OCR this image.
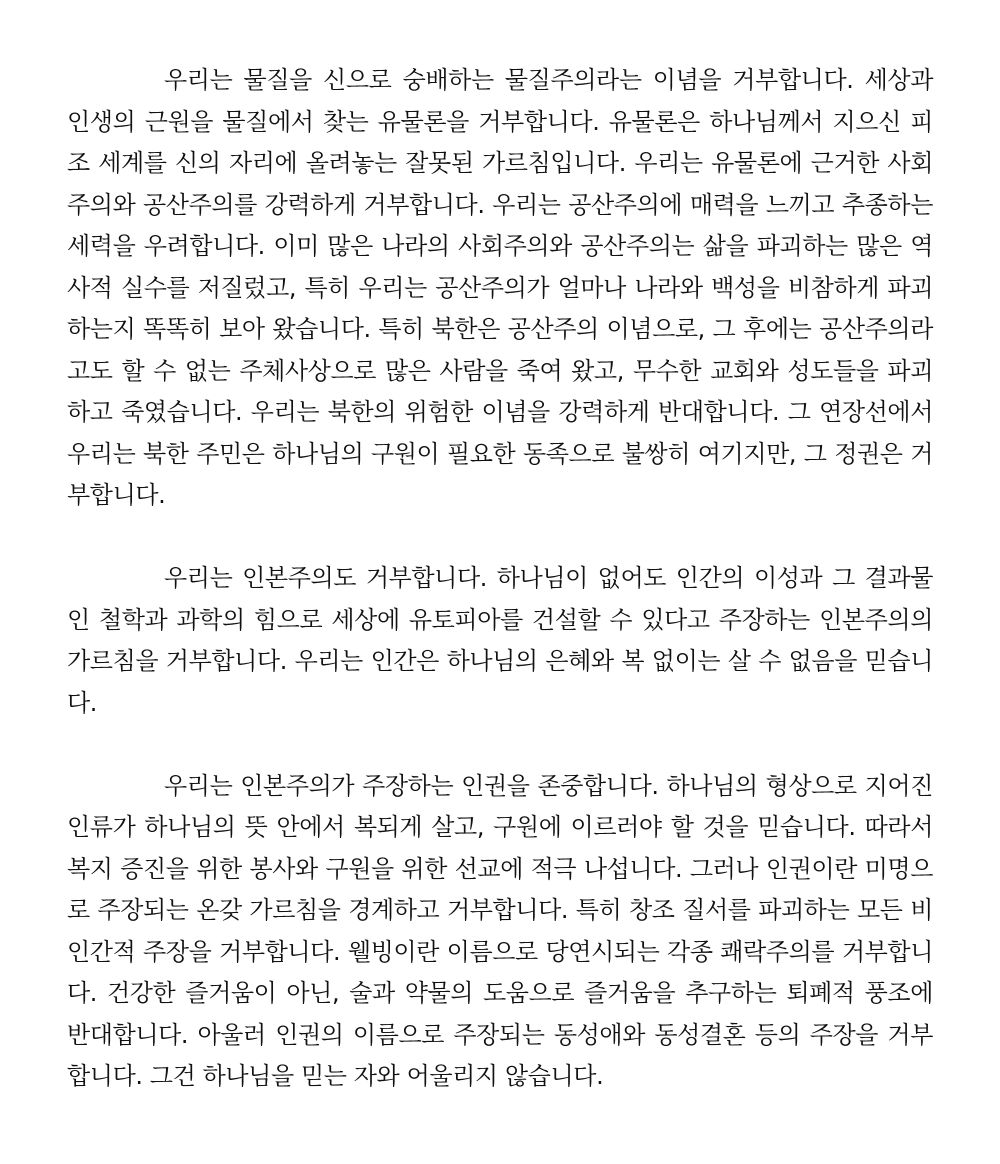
우리는 물질을 신으로 숭배하는 물질주의라는 이념을 거부합니다. 세상과 인생의 근원을 물질에서 찾는 유물론을 거부합니다. 유물론은 하나님께서 지으신 피조 세계를 신의 자리에 올려놓는 잘못된 가르침입니다. 우리는 유물론에 근거한 사회주의와 공산주의를 강력하게 거부합니다. 우리는 공산주의에 매력을 느끼고 추종하는 세력을 우려합니다. 이미 많은 나라의 사회주의와 공산주의는 삶을 파괴하는 많은 역사적 실수를 저질렀고, 특히 우리는 공산주의가 얼마나 나라와 백성을 비참하게 파괴하는지 똑똑히 보아 왔습니다. 특히 북한은 공산주의 이념으로, 그 후에는 공산주의라고도 할 수 없는 주체사상으로 많은 사람을 죽여 왔고, 무수한 교회와 성도들을 파괴하고 죽였습니다. 우리는 북한의 위험한 이념을 강력하게 반대합니다. 그 연장선에서 우리는 북한 주민은 하나님의 구원이 필요한 동족으로 불쌍히 여기지만, 그 정권은 거부합니다.

우리는 인본주의도 거부합니다. 하나님이 없어도 인간의 이성과 그 결과물인 철학과 과학의 힘으로 세상에 유토피아를 건설할 수 있다고 주장하는 인본주의의 가르침을 거부합니다. 우리는 인간은 하나님의 은혜와 복 없이는 살 수 없음을 믿습니다.

우리는 인본주의가 주장하는 인권을 존중합니다. 하나님의 형상으로 지어진 인류가 하나님의 뜻 안에서 복되게 살고, 구원에 이르러야 할 것을 믿습니다. 따라서 복지 증진을 위한 봉사와 구원을 위한 선교에 적극 나섭니다. 그러나 인권이란 미명으로 주장되는 온갖 가르침을 경계하고 거부합니다. 특히 창조 질서를 파괴하는 모든 비인간적 주장을 거부합니다. 웰빙이란 이름으로 당연시되는 각종 쾌락주의를 거부합니다. 건강한 즐거움이 아닌, 술과 약물의 도움으로 즐거움을 추구하는 퇴폐적 풍조에 반대합니다. 아울러 인권의 이름으로 주장되는 동성애와 동성결혼 등의 주장을 거부합니다. 그건 하나님을 믿는 자와 어울리지 않습니다.
